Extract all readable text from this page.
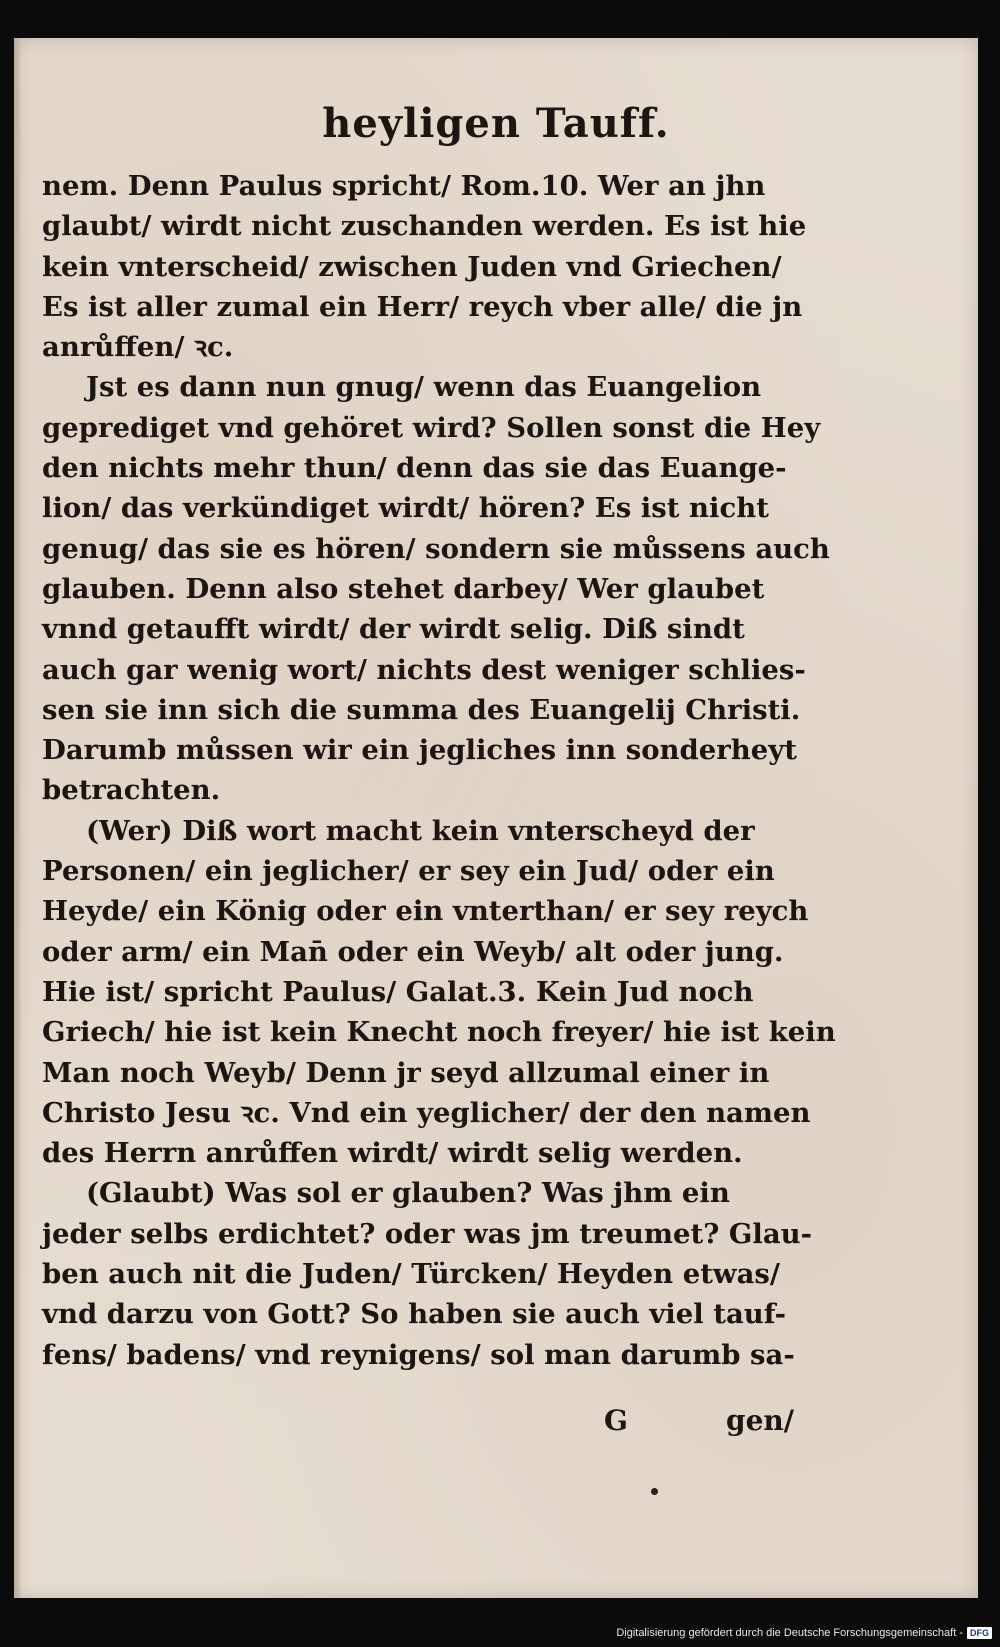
heyligen Tauff.
nem. Denn Paulus spricht/ Rom.10. Wer an jhn
glaubt/ wirdt nicht zuschanden werden. Es ist hie
kein vnterscheid/ zwischen Juden vnd Griechen/
Es ist aller zumal ein Herr/ reych vber alle/ die jn
anrůffen/ ꝛc.
Jst es dann nun gnug/ wenn das Euangelion
geprediget vnd gehöret wird? Sollen sonst die Hey
den nichts mehr thun/ denn das sie das Euange-
lion/ das verkündiget wirdt/ hören? Es ist nicht
genug/ das sie es hören/ sondern sie můssens auch
glauben. Denn also stehet darbey/ Wer glaubet
vnnd getaufft wirdt/ der wirdt selig. Diß sindt
auch gar wenig wort/ nichts dest weniger schlies-
sen sie inn sich die summa des Euangelij Christi.
Darumb můssen wir ein jegliches inn sonderheyt
betrachten.
(Wer) Diß wort macht kein vnterscheyd der
Personen/ ein jeglicher/ er sey ein Jud/ oder ein
Heyde/ ein König oder ein vnterthan/ er sey reych
oder arm/ ein Man̄ oder ein Weyb/ alt oder jung.
Hie ist/ spricht Paulus/ Galat.3. Kein Jud noch
Griech/ hie ist kein Knecht noch freyer/ hie ist kein
Man noch Weyb/ Denn jr seyd allzumal einer in
Christo Jesu ꝛc. Vnd ein yeglicher/ der den namen
des Herrn anrůffen wirdt/ wirdt selig werden.
(Glaubt) Was sol er glauben? Was jhm ein
jeder selbs erdichtet? oder was jm treumet? Glau-
ben auch nit die Juden/ Türcken/ Heyden etwas/
vnd darzu von Gott? So haben sie auch viel tauf-
fens/ badens/ vnd reynigens/ sol man darumb sa-
G	gen/
Digitalisierung gefördert durch die Deutsche Forschungsgemeinschaft - DFG
